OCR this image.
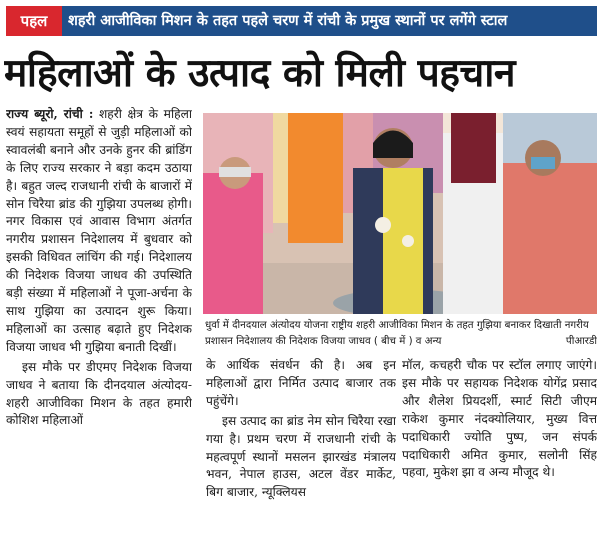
पहल	शहरी आजीविका मिशन के तहत पहले चरण में रांची के प्रमुख स्थानों पर लगेंगे स्टाल
महिलाओं के उत्पाद को मिली पहचान

राज्य ब्यूरो, रांची : शहरी क्षेत्र के महिला स्वयं सहायता समूहों से जुड़ी महिलाओं को स्वावलंबी बनाने और उनके हुनर की ब्रांडिंग के लिए राज्य सरकार ने बड़ा कदम उठाया है। बहुत जल्द राजधानी रांची के बाजारों में सोन चिरैया ब्रांड की गुझिया उपलब्ध होगी। नगर विकास एवं आवास विभाग अंतर्गत नगरीय प्रशासन निदेशालय में बुधवार को इसकी विधिवत लांचिंग की गई। निदेशालय की निदेशक विजया जाधव की उपस्थिति बड़ी संख्या में महिलाओं ने पूजा-अर्चना के साथ गुझिया का उत्पादन शुरू किया। महिलाओं का उत्साह बढ़ाते हुए निदेशक विजया जाधव भी गुझिया बनाती दिखीं।

इस मौके पर डीएमए निदेशक विजया जाधव ने बताया कि दीनदयाल अंत्योदय-शहरी आजीविका मिशन के तहत हमारी कोशिश महिलाओं

धुर्वा में दीनदयाल अंत्योदय योजना राष्ट्रीय शहरी आजीविका मिशन के तहत गुझिया बनाकर दिखाती नगरीय प्रशासन निदेशालय की निदेशक विजया जाधव ( बीच में ) व अन्य	पीआरडी

के आर्थिक संवर्धन की है। अब इन महिलाओं द्वारा निर्मित उत्पाद बाजार तक पहुंचेंगे।

इस उत्पाद का ब्रांड नेम सोन चिरैया रखा गया है। प्रथम चरण में राजधानी रांची के महत्वपूर्ण स्थानों मसलन झारखंड मंत्रालय भवन, नेपाल हाउस, अटल वेंडर मार्केट, बिग बाजार, न्यूक्लियस

मॉल, कचहरी चौक पर स्टॉल लगाए जाएंगे। इस मौके पर सहायक निदेशक योगेंद्र प्रसाद और शैलेश प्रियदर्शी, स्मार्ट सिटी जीएम राकेश कुमार नंदक्योलियार, मुख्य वित्त पदाधिकारी ज्योति पुष्प, जन संपर्क पदाधिकारी अमित कुमार, सलोनी सिंह पहवा, मुकेश झा व अन्य मौजूद थे।
